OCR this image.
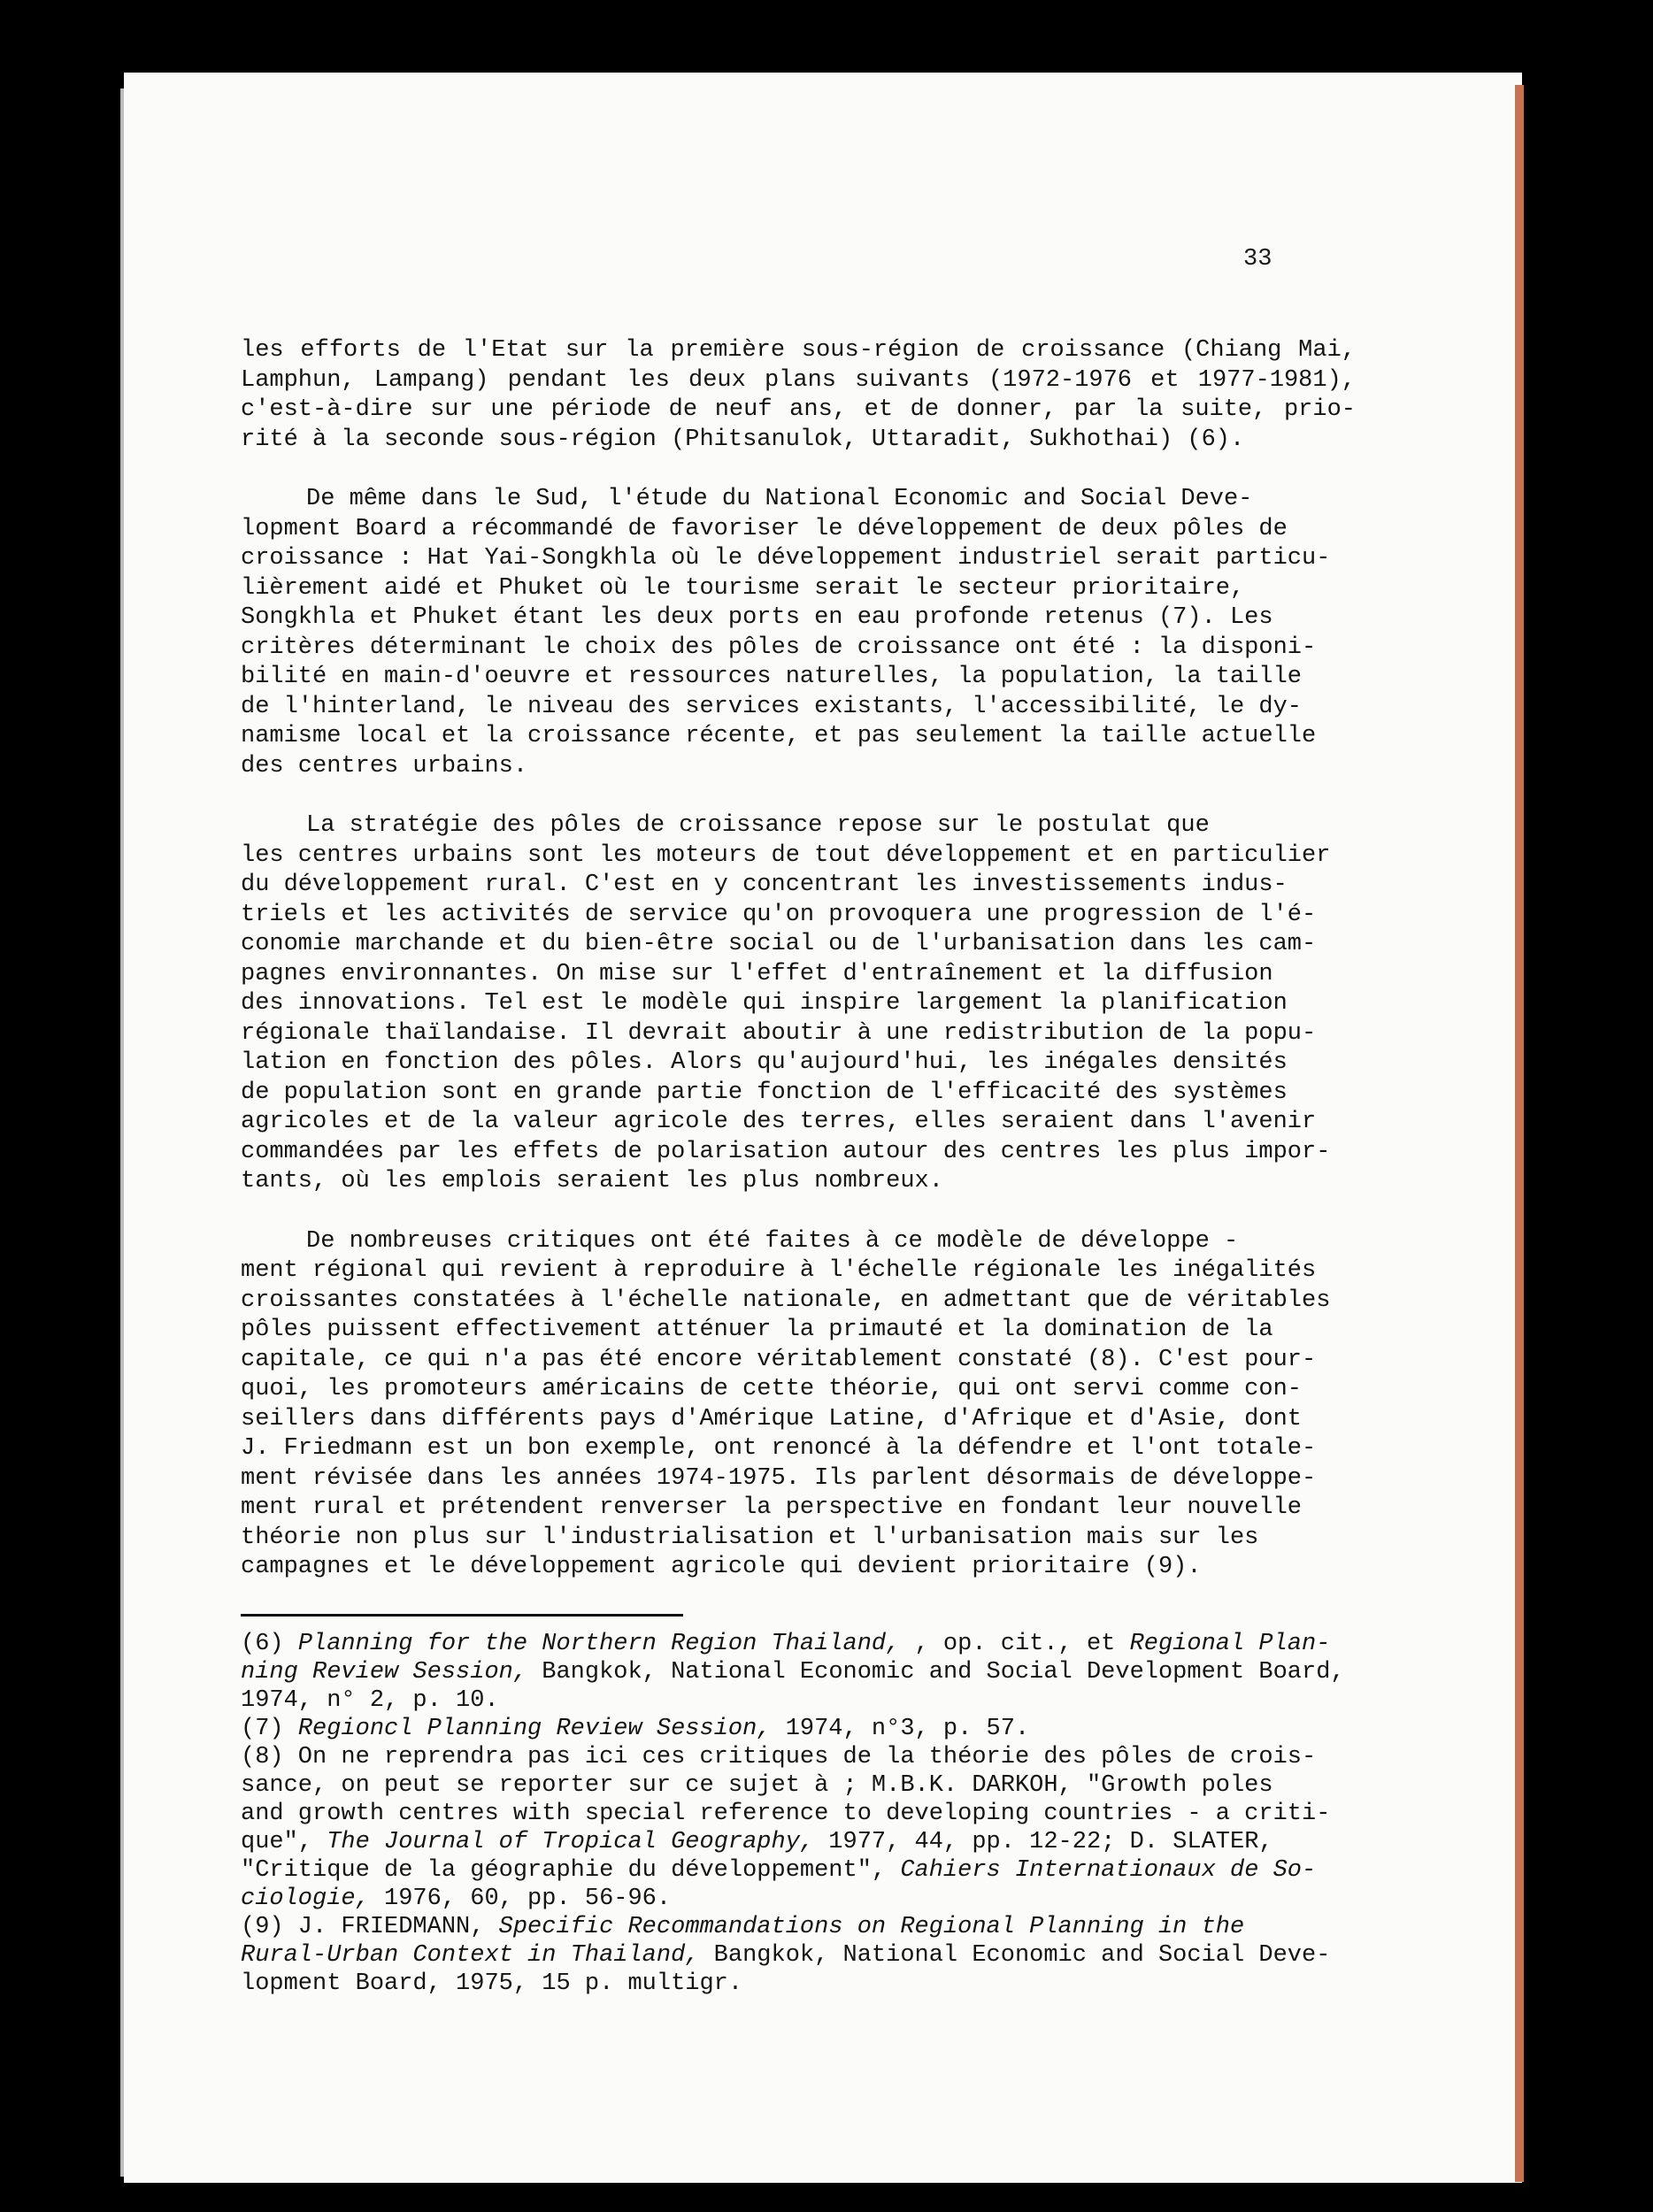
33
les efforts de l'Etat sur la première sous-région de croissance (Chiang Mai,
Lamphun, Lampang) pendant les deux plans suivants (1972-1976 et 1977-1981),
c'est-à-dire sur une période de neuf ans, et de donner, par la suite, prio-
rité à la seconde sous-région (Phitsanulok, Uttaradit, Sukhothai) (6).
De même dans le Sud, l'étude du National Economic and Social Deve-
lopment Board a récommandé de favoriser le développement de deux pôles de
croissance : Hat Yai-Songkhla où le développement industriel serait particu-
lièrement aidé et Phuket où le tourisme serait le secteur prioritaire,
Songkhla et Phuket étant les deux ports en eau profonde retenus (7). Les
critères déterminant le choix des pôles de croissance ont été : la disponi-
bilité en main-d'oeuvre et ressources naturelles, la population, la taille
de l'hinterland, le niveau des services existants, l'accessibilité, le dy-
namisme local et la croissance récente, et pas seulement la taille actuelle
des centres urbains.
La stratégie des pôles de croissance repose sur le postulat que
les centres urbains sont les moteurs de tout développement et en particulier
du développement rural. C'est en y concentrant les investissements indus-
triels et les activités de service qu'on provoquera une progression de l'é-
conomie marchande et du bien-être social ou de l'urbanisation dans les cam-
pagnes environnantes. On mise sur l'effet d'entraînement et la diffusion
des innovations. Tel est le modèle qui inspire largement la planification
régionale thaïlandaise. Il devrait aboutir à une redistribution de la popu-
lation en fonction des pôles. Alors qu'aujourd'hui, les inégales densités
de population sont en grande partie fonction de l'efficacité des systèmes
agricoles et de la valeur agricole des terres, elles seraient dans l'avenir
commandées par les effets de polarisation autour des centres les plus impor-
tants, où les emplois seraient les plus nombreux.
De nombreuses critiques ont été faites à ce modèle de développe -
ment régional qui revient à reproduire à l'échelle régionale les inégalités
croissantes constatées à l'échelle nationale, en admettant que de véritables
pôles puissent effectivement atténuer la primauté et la domination de la
capitale, ce qui n'a pas été encore véritablement constaté (8). C'est pour-
quoi, les promoteurs américains de cette théorie, qui ont servi comme con-
seillers dans différents pays d'Amérique Latine, d'Afrique et d'Asie, dont
J. Friedmann est un bon exemple, ont renoncé à la défendre et l'ont totale-
ment révisée dans les années 1974-1975. Ils parlent désormais de développe-
ment rural et prétendent renverser la perspective en fondant leur nouvelle
théorie non plus sur l'industrialisation et l'urbanisation mais sur les
campagnes et le développement agricole qui devient prioritaire (9).
(6) Planning for the Northern Region Thailand, , op. cit., et Regional Plan-
ning Review Session, Bangkok, National Economic and Social Development Board,
1974, n° 2, p. 10.
(7) Regioncl Planning Review Session, 1974, n°3, p. 57.
(8) On ne reprendra pas ici ces critiques de la théorie des pôles de crois-
sance, on peut se reporter sur ce sujet à ; M.B.K. DARKOH, "Growth poles
and growth centres with special reference to developing countries - a criti-
que", The Journal of Tropical Geography, 1977, 44, pp. 12-22; D. SLATER,
"Critique de la géographie du développement", Cahiers Internationaux de So-
ciologie, 1976, 60, pp. 56-96.
(9) J. FRIEDMANN, Specific Recommandations on Regional Planning in the
Rural-Urban Context in Thailand, Bangkok, National Economic and Social Deve-
lopment Board, 1975, 15 p. multigr.
